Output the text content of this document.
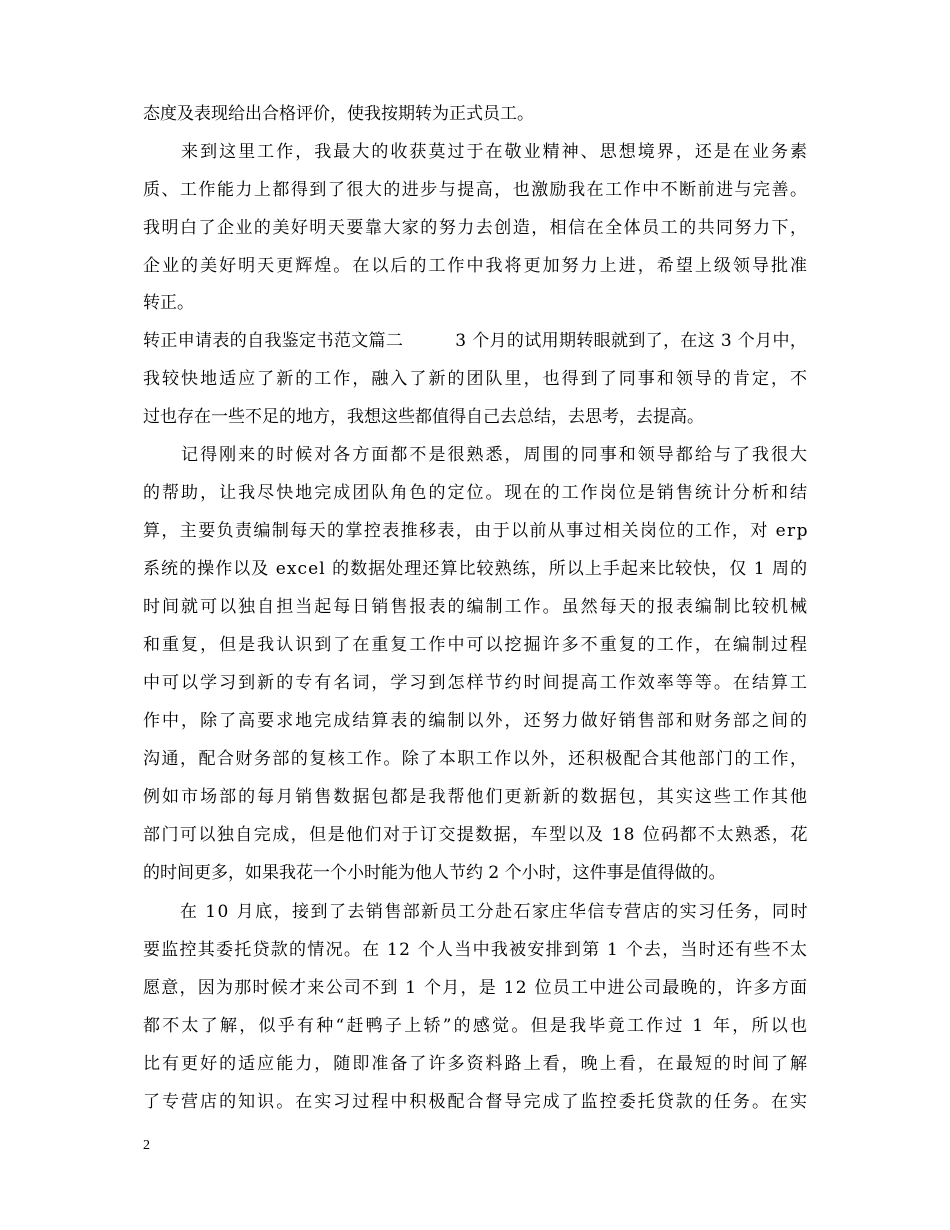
态度及表现给出合格评价，使我按期转为正式员工。
　　来到这里工作，我最大的收获莫过于在敬业精神、思想境界，还是在业务素
质、工作能力上都得到了很大的进步与提高，也激励我在工作中不断前进与完善。
我明白了企业的美好明天要靠大家的努力去创造，相信在全体员工的共同努力下，
企业的美好明天更辉煌。在以后的工作中我将更加努力上进，希望上级领导批准
转正。
转正申请表的自我鉴定书范文篇二　　　3 个月的试用期转眼就到了，在这 3 个月中，
我较快地适应了新的工作，融入了新的团队里，也得到了同事和领导的肯定，不
过也存在一些不足的地方，我想这些都值得自己去总结，去思考，去提高。
　　记得刚来的时候对各方面都不是很熟悉，周围的同事和领导都给与了我很大
的帮助，让我尽快地完成团队角色的定位。现在的工作岗位是销售统计分析和结
算，主要负责编制每天的掌控表推移表，由于以前从事过相关岗位的工作，对 erp
系统的操作以及 excel 的数据处理还算比较熟练，所以上手起来比较快，仅 1 周的
时间就可以独自担当起每日销售报表的编制工作。虽然每天的报表编制比较机械
和重复，但是我认识到了在重复工作中可以挖掘许多不重复的工作，在编制过程
中可以学习到新的专有名词，学习到怎样节约时间提高工作效率等等。在结算工
作中，除了高要求地完成结算表的编制以外，还努力做好销售部和财务部之间的
沟通，配合财务部的复核工作。除了本职工作以外，还积极配合其他部门的工作，
例如市场部的每月销售数据包都是我帮他们更新新的数据包，其实这些工作其他
部门可以独自完成，但是他们对于订交提数据，车型以及 18 位码都不太熟悉，花
的时间更多，如果我花一个小时能为他人节约 2 个小时，这件事是值得做的。
　　在 10 月底，接到了去销售部新员工分赴石家庄华信专营店的实习任务，同时
要监控其委托贷款的情况。在 12 个人当中我被安排到第 1 个去，当时还有些不太
愿意，因为那时候才来公司不到 1 个月，是 12 位员工中进公司最晚的，许多方面
都不太了解，似乎有种“赶鸭子上轿”的感觉。但是我毕竟工作过 1 年，所以也
比有更好的适应能力，随即准备了许多资料路上看，晚上看，在最短的时间了解
了专营店的知识。在实习过程中积极配合督导完成了监控委托贷款的任务。在实
2
